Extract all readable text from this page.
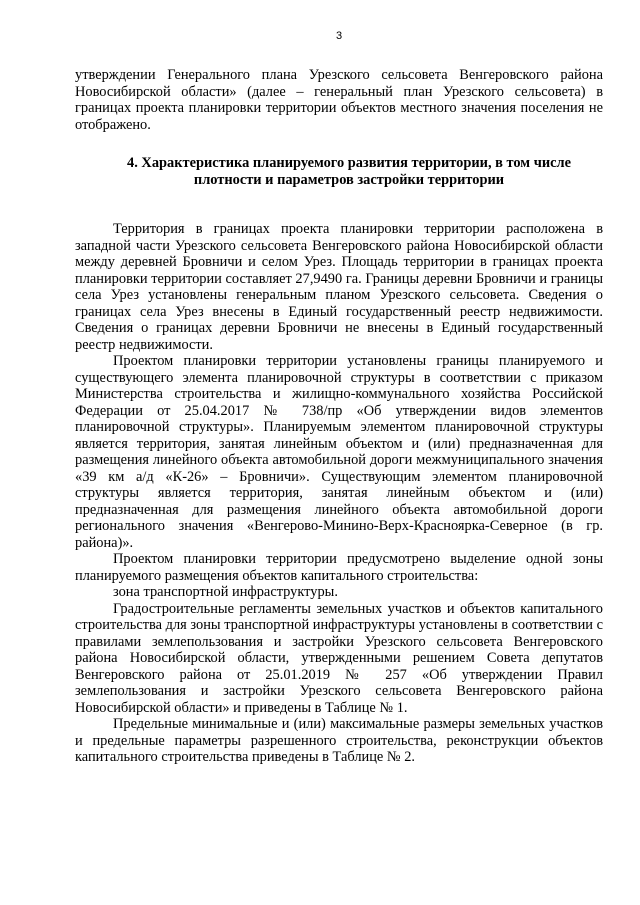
3

утверждении Генерального плана Урезского сельсовета Венгеровского района Новосибирской области» (далее – генеральный план Урезского сельсовета) в границах проекта планировки территории объектов местного значения поселения не отображено.

4. Характеристика планируемого развития территории, в том числе плотности и параметров застройки территории

Территория в границах проекта планировки территории расположена в западной части Урезского сельсовета Венгеровского района Новосибирской области между деревней Бровничи и селом Урез. Площадь территории в границах проекта планировки территории составляет 27,9490 га. Границы деревни Бровничи и границы села Урез установлены генеральным планом Урезского сельсовета. Сведения о границах села Урез внесены в Единый государственный реестр недвижимости. Сведения о границах деревни Бровничи не внесены в Единый государственный реестр недвижимости.

Проектом планировки территории установлены границы планируемого и существующего элемента планировочной структуры в соответствии с приказом Министерства строительства и жилищно-коммунального хозяйства Российской Федерации от 25.04.2017 № 738/пр «Об утверждении видов элементов планировочной структуры». Планируемым элементом планировочной структуры является территория, занятая линейным объектом и (или) предназначенная для размещения линейного объекта автомобильной дороги межмуниципального значения «39 км а/д «К-26» – Бровничи». Существующим элементом планировочной структуры является территория, занятая линейным объектом и (или) предназначенная для размещения линейного объекта автомобильной дороги регионального значения «Венгерово-Минино-Верх-Красноярка-Северное (в гр. района)».

Проектом планировки территории предусмотрено выделение одной зоны планируемого размещения объектов капитального строительства:

зона транспортной инфраструктуры.

Градостроительные регламенты земельных участков и объектов капитального строительства для зоны транспортной инфраструктуры установлены в соответствии с правилами землепользования и застройки Урезского сельсовета Венгеровского района Новосибирской области, утвержденными решением Совета депутатов Венгеровского района от 25.01.2019 № 257 «Об утверждении Правил землепользования и застройки Урезского сельсовета Венгеровского района Новосибирской области» и приведены в Таблице № 1.

Предельные минимальные и (или) максимальные размеры земельных участков и предельные параметры разрешенного строительства, реконструкции объектов капитального строительства приведены в Таблице № 2.
